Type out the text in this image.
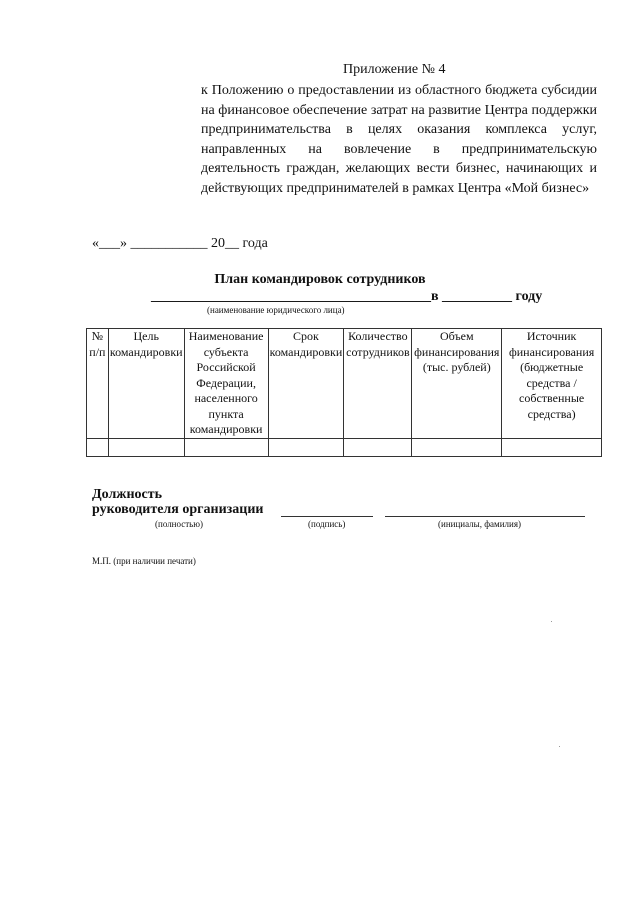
Приложение № 4
к Положению о предоставлении из областного бюджета субсидии на финансовое обеспечение затрат на развитие Центра поддержки предпринимательства в целях оказания комплекса услуг, направленных на вовлечение в предпринимательскую деятельность граждан, желающих вести бизнес, начинающих и действующих предпринимателей в рамках Центра «Мой бизнес»
«___» ___________ 20__ года
План командировок сотрудников
________________________________________в __________ году
(наименование юридического лица)
№ п/п	Цель командировки	Наименование субъекта Российской Федерации, населенного пункта командировки	Срок командировки	Количество сотрудников	Объем финансирования (тыс. рублей)	Источник финансирования (бюджетные средства / собственные средства)

Должность
руководителя организации
(полностью)	(подпись)	(инициалы, фамилия)
М.П. (при наличии печати)
